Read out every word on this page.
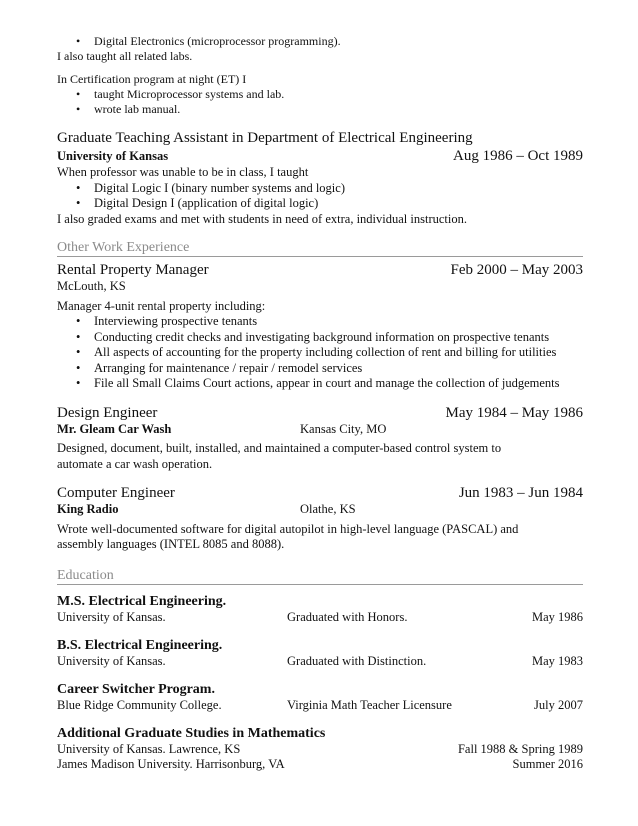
• Digital Electronics (microprocessor programming).
I also taught all related labs.
In Certification program at night (ET) I
• taught Microprocessor systems and lab.
• wrote lab manual.
Graduate Teaching Assistant in Department of Electrical Engineering
University of Kansas	Aug 1986 – Oct 1989
When professor was unable to be in class, I taught
• Digital Logic I (binary number systems and logic)
• Digital Design I (application of digital logic)
I also graded exams and met with students in need of extra, individual instruction.
Other Work Experience
Rental Property Manager	Feb 2000 – May 2003
McLouth, KS
Manager 4-unit rental property including:
• Interviewing prospective tenants
• Conducting credit checks and investigating background information on prospective tenants
• All aspects of accounting for the property including collection of rent and billing for utilities
• Arranging for maintenance / repair / remodel services
• File all Small Claims Court actions, appear in court and manage the collection of judgements
Design Engineer	May 1984 – May 1986
Mr. Gleam Car Wash	Kansas City, MO
Designed, document, built, installed, and maintained a computer-based control system to automate a car wash operation.
Computer Engineer	Jun 1983 – Jun 1984
King Radio	Olathe, KS
Wrote well-documented software for digital autopilot in high-level language (PASCAL) and assembly languages (INTEL 8085 and 8088).
Education
M.S. Electrical Engineering.
University of Kansas.	Graduated with Honors.	May 1986
B.S. Electrical Engineering.
University of Kansas.	Graduated with Distinction.	May 1983
Career Switcher Program.
Blue Ridge Community College.	Virginia Math Teacher Licensure	July 2007
Additional Graduate Studies in Mathematics
University of Kansas. Lawrence, KS	Fall 1988 & Spring 1989
James Madison University. Harrisonburg, VA	Summer 2016
